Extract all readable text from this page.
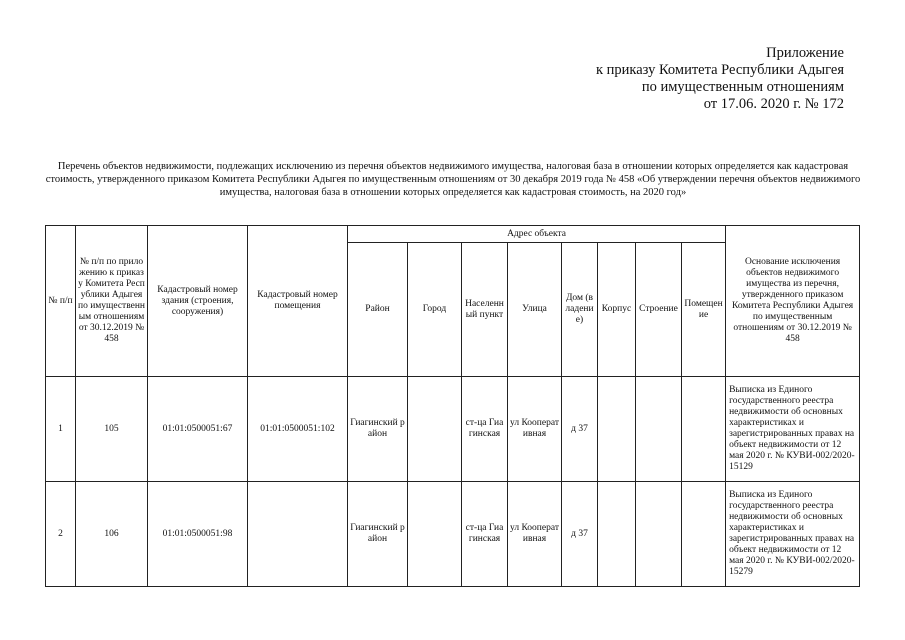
Приложение
к приказу Комитета Республики Адыгея
по имущественным отношениям
от 17.06. 2020 г. № 172
Перечень объектов недвижимости, подлежащих исключению из перечня объектов недвижимого имущества, налоговая база в отношении которых определяется как кадастровая стоимость, утвержденного приказом Комитета Республики Адыгея по имущественным отношениям от 30 декабря 2019 года № 458 «Об утверждении перечня объектов недвижимого имущества, налоговая база в отношении которых определяется как кадастровая стоимость, на 2020 год»
№ п/п	№ п/п по приложению к приказу Комитета Республики Адыгея по имущественным отношениям от 30.12.2019 № 458	Кадастровый номер здания (строения, сооружения)	Кадастровый номер помещения	Адрес объекта								Основание исключения объектов недвижимого имущества из перечня, утвержденного приказом Комитета Республики Адыгея по имущественным отношениям от 30.12.2019 № 458
				Район	Город	Населенный пункт	Улица	Дом (владение)	Корпус	Строение	Помещение	
1	105	01:01:0500051:67	01:01:0500051:102	Гиагинский район		ст-ца Гиагинская	ул Кооперативная	д 37				Выписка из Единого государственного реестра недвижимости об основных характеристиках и зарегистрированных правах на объект недвижимости от 12 мая 2020 г. № КУВИ-002/2020-15129
2	106	01:01:0500051:98		Гиагинский район		ст-ца Гиагинская	ул Кооперативная	д 37				Выписка из Единого государственного реестра недвижимости об основных характеристиках и зарегистрированных правах на объект недвижимости от 12 мая 2020 г. № КУВИ-002/2020-15279
